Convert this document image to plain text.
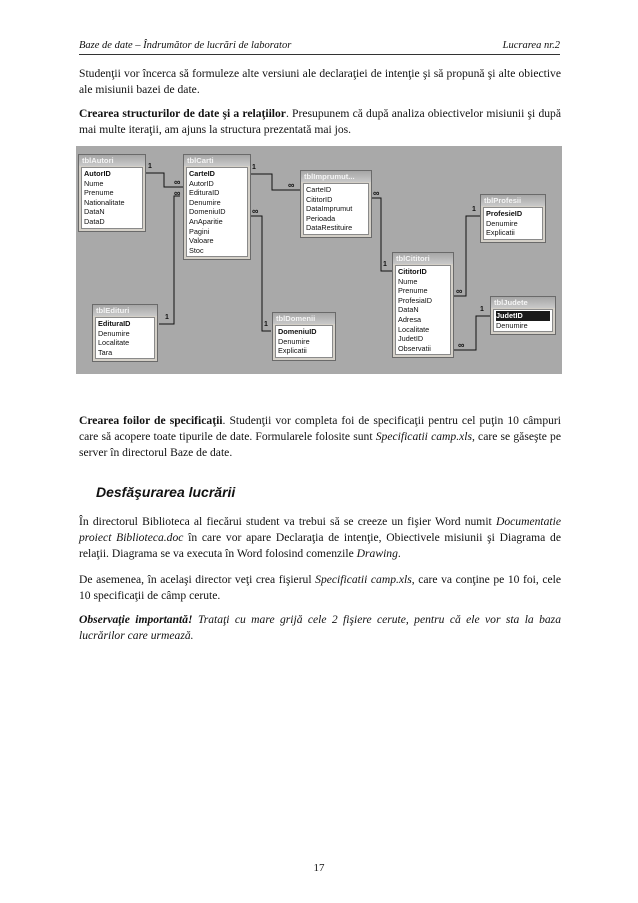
Baze de date – Îndrumător de lucrări de laborator	Lucrarea nr.2

Studenţii vor încerca să formuleze alte versiuni ale declaraţiei de intenţie şi să propună şi alte obiective ale misiunii bazei de date.

Crearea structurilor de date şi a relaţiilor. Presupunem că după analiza obiectivelor misiunii şi după mai multe iteraţii, am ajuns la structura prezentată mai jos.

1
∞
1
∞
1
∞
∞
1
∞
1
1
∞
1
∞
tblAutori
AutorID
Nume
Prenume
Nationalitate
DataN
DataD
tblCarti
CarteID
AutorID
EdituraID
Denumire
DomeniuID
AnAparitie
Pagini
Valoare
Stoc
tblImprumut...
CarteID
CititorID
DataImprumut
Perioada
DataRestituire
tblProfesii
ProfesieID
Denumire
Explicatii
tblCititori
CititorID
Nume
Prenume
ProfesiaID
DataN
Adresa
Localitate
JudetID
Observatii
tblEdituri
EdituraID
Denumire
Localitate
Tara
tblDomenii
DomeniuID
Denumire
Explicatii
tblJudete
JudetID
Denumire

Crearea foilor de specificaţii. Studenţii vor completa foi de specificaţii pentru cel puţin 10 câmpuri care să acopere toate tipurile de date. Formularele folosite sunt Specificatii camp.xls, care se găseşte pe server în directorul Baze de date.

Desfăşurarea lucrării

În directorul Biblioteca al fiecărui student va trebui să se creeze un fişier Word numit Documentatie proiect Biblioteca.doc în care vor apare Declaraţia de intenţie, Obiectivele misiunii şi Diagrama de relaţii. Diagrama se va executa în Word folosind comenzile Drawing.

De asemenea, în acelaşi director veţi crea fişierul Specificatii camp.xls, care va conţine pe 10 foi, cele 10 specificaţii de câmp cerute.

Observaţie importantă! Trataţi cu mare grijă cele 2 fişiere cerute, pentru că ele vor sta la baza lucrărilor care urmează.

17
